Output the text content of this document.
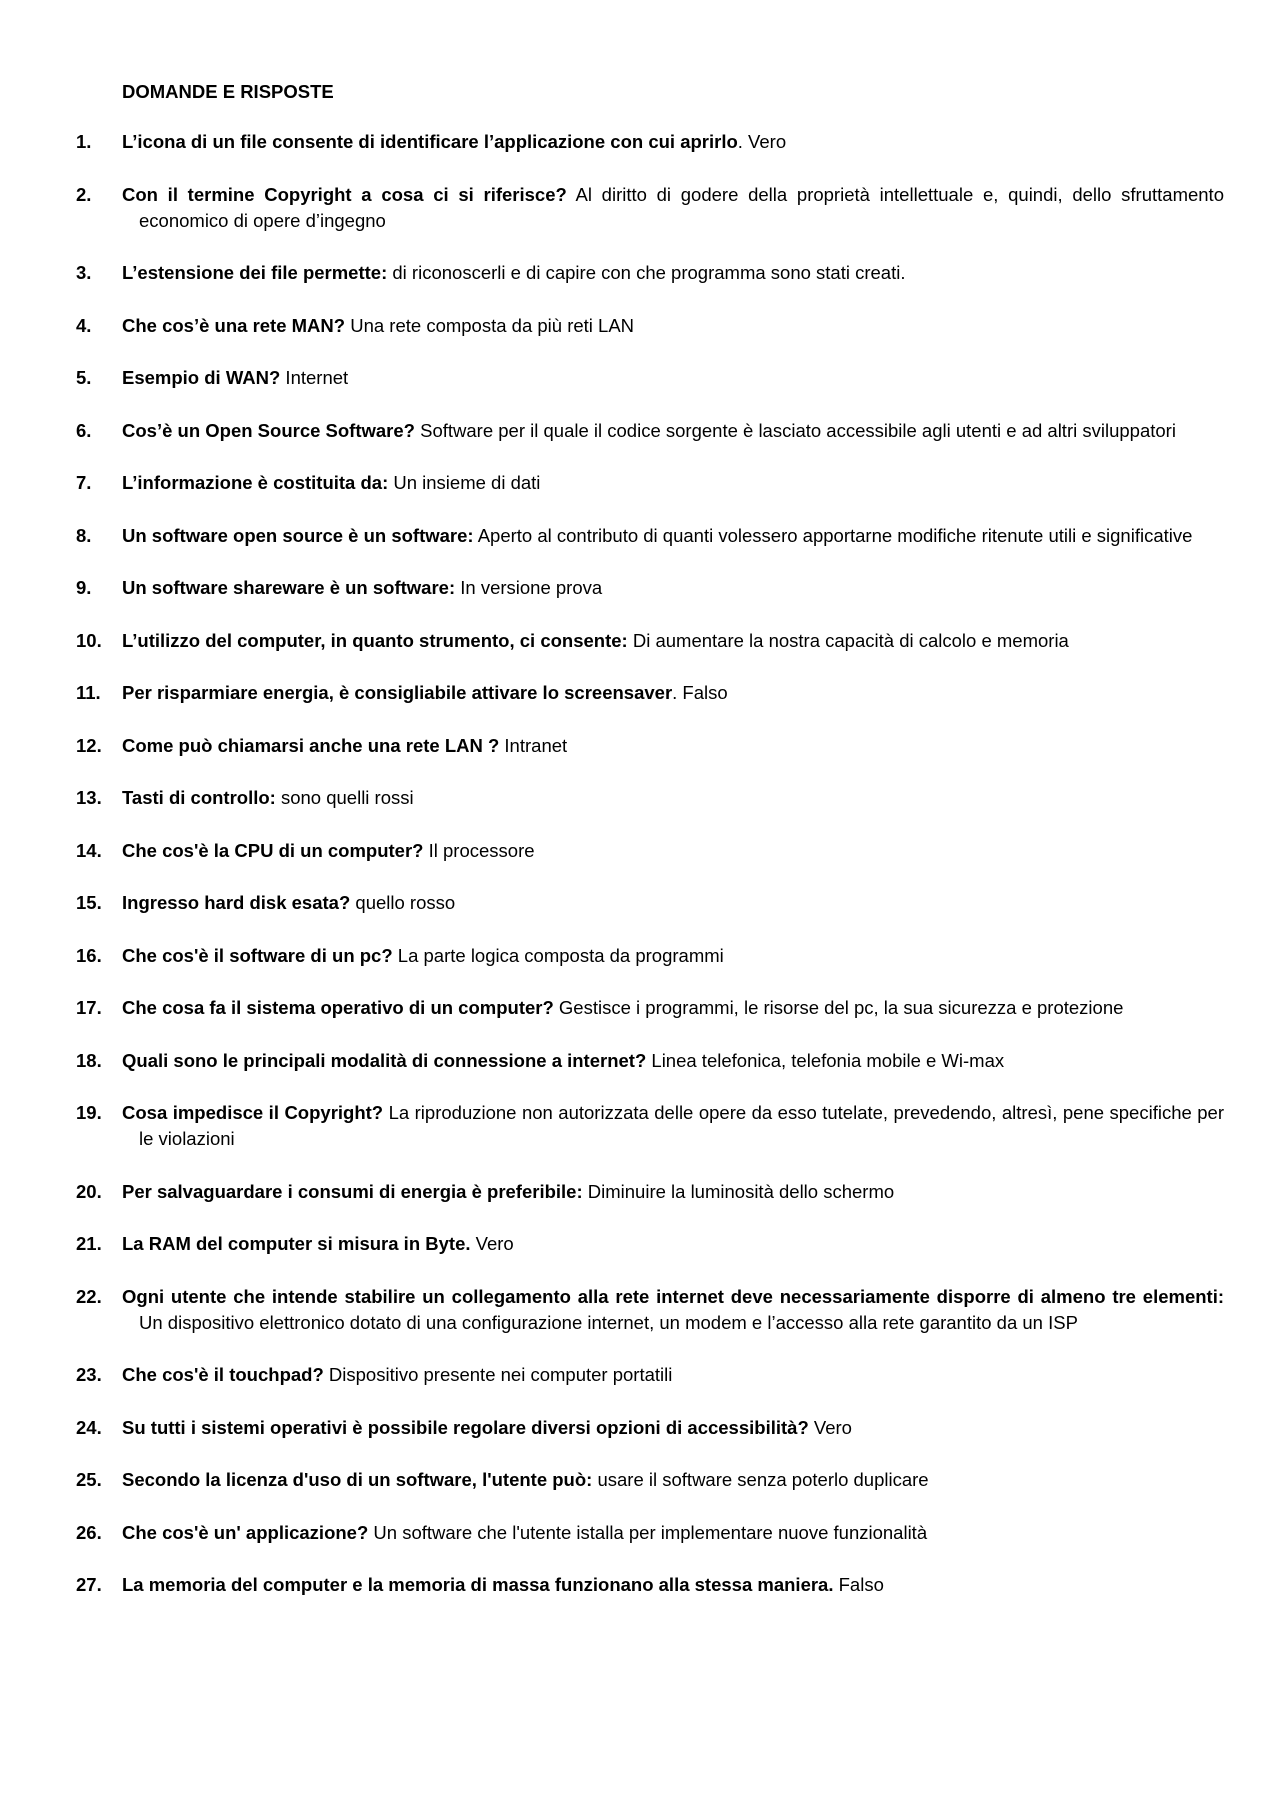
DOMANDE E RISPOSTE
1. L’icona di un file consente di identificare l’applicazione con cui aprirlo. Vero
2. Con il termine Copyright a cosa ci si riferisce? Al diritto di godere della proprietà intellettuale e, quindi, dello sfruttamento economico di opere d’ingegno
3. L’estensione dei file permette: di riconoscerli e di capire con che programma sono stati creati.
4. Che cos’è una rete MAN? Una rete composta da più reti LAN
5. Esempio di WAN? Internet
6. Cos’è un Open Source Software? Software per il quale il codice sorgente è lasciato accessibile agli utenti e ad altri sviluppatori
7. L’informazione è costituita da: Un insieme di dati
8. Un software open source è un software: Aperto al contributo di quanti volessero apportarne modifiche ritenute utili e significative
9. Un software shareware è un software: In versione prova
10. L’utilizzo del computer, in quanto strumento, ci consente: Di aumentare la nostra capacità di calcolo e memoria
11. Per risparmiare energia, è consigliabile attivare lo screensaver. Falso
12. Come può chiamarsi anche una rete LAN ? Intranet
13. Tasti di controllo: sono quelli rossi
14. Che cos'è la CPU di un computer? Il processore
15. Ingresso hard disk esata? quello rosso
16. Che cos'è il software di un pc? La parte logica composta da programmi
17. Che cosa fa il sistema operativo di un computer? Gestisce i programmi, le risorse del pc, la sua sicurezza e protezione
18. Quali sono le principali modalità di connessione a internet? Linea telefonica, telefonia mobile e Wi-max
19. Cosa impedisce il Copyright? La riproduzione non autorizzata delle opere da esso tutelate, prevedendo, altresì, pene specifiche per le violazioni
20. Per salvaguardare i consumi di energia è preferibile: Diminuire la luminosità dello schermo
21. La RAM del computer si misura in Byte. Vero
22. Ogni utente che intende stabilire un collegamento alla rete internet deve necessariamente disporre di almeno tre elementi: Un dispositivo elettronico dotato di una configurazione internet, un modem e l’accesso alla rete garantito da un ISP
23. Che cos'è il touchpad? Dispositivo presente nei computer portatili
24. Su tutti i sistemi operativi è possibile regolare diversi opzioni di accessibilità? Vero
25. Secondo la licenza d'uso di un software, l'utente può: usare il software senza poterlo duplicare
26. Che cos'è un' applicazione? Un software che l'utente istalla per implementare nuove funzionalità
27. La memoria del computer e la memoria di massa funzionano alla stessa maniera. Falso
